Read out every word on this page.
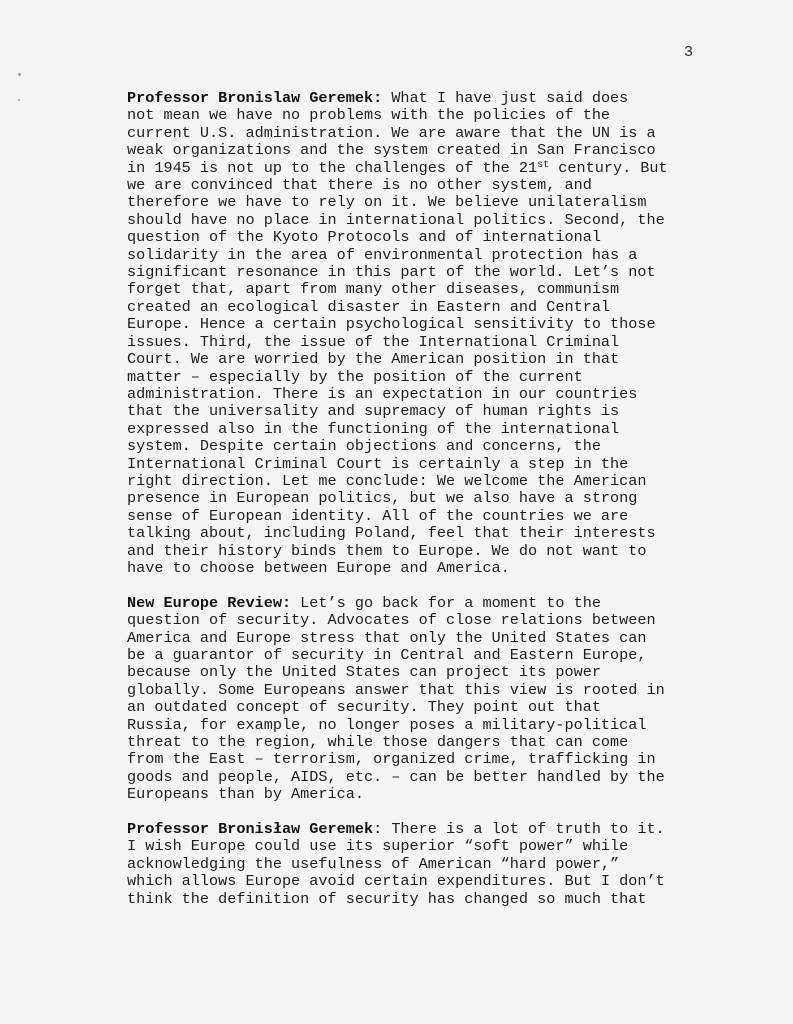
3

Professor Bronislaw Geremek: What I have just said does
not mean we have no problems with the policies of the
current U.S. administration. We are aware that the UN is a
weak organizations and the system created in San Francisco
in 1945 is not up to the challenges of the 21st century. But
we are convinced that there is no other system, and
therefore we have to rely on it. We believe unilateralism
should have no place in international politics. Second, the
question of the Kyoto Protocols and of international
solidarity in the area of environmental protection has a
significant resonance in this part of the world. Let’s not
forget that, apart from many other diseases, communism
created an ecological disaster in Eastern and Central
Europe. Hence a certain psychological sensitivity to those
issues. Third, the issue of the International Criminal
Court. We are worried by the American position in that
matter – especially by the position of the current
administration. There is an expectation in our countries
that the universality and supremacy of human rights is
expressed also in the functioning of the international
system. Despite certain objections and concerns, the
International Criminal Court is certainly a step in the
right direction. Let me conclude: We welcome the American
presence in European politics, but we also have a strong
sense of European identity. All of the countries we are
talking about, including Poland, feel that their interests
and their history binds them to Europe. We do not want to
have to choose between Europe and America.

New Europe Review: Let’s go back for a moment to the
question of security. Advocates of close relations between
America and Europe stress that only the United States can
be a guarantor of security in Central and Eastern Europe,
because only the United States can project its power
globally. Some Europeans answer that this view is rooted in
an outdated concept of security. They point out that
Russia, for example, no longer poses a military-political
threat to the region, while those dangers that can come
from the East – terrorism, organized crime, trafficking in
goods and people, AIDS, etc. – can be better handled by the
Europeans than by America.

Professor Bronisław Geremek: There is a lot of truth to it.
I wish Europe could use its superior “soft power” while
acknowledging the usefulness of American “hard power,”
which allows Europe avoid certain expenditures. But I don’t
think the definition of security has changed so much that
